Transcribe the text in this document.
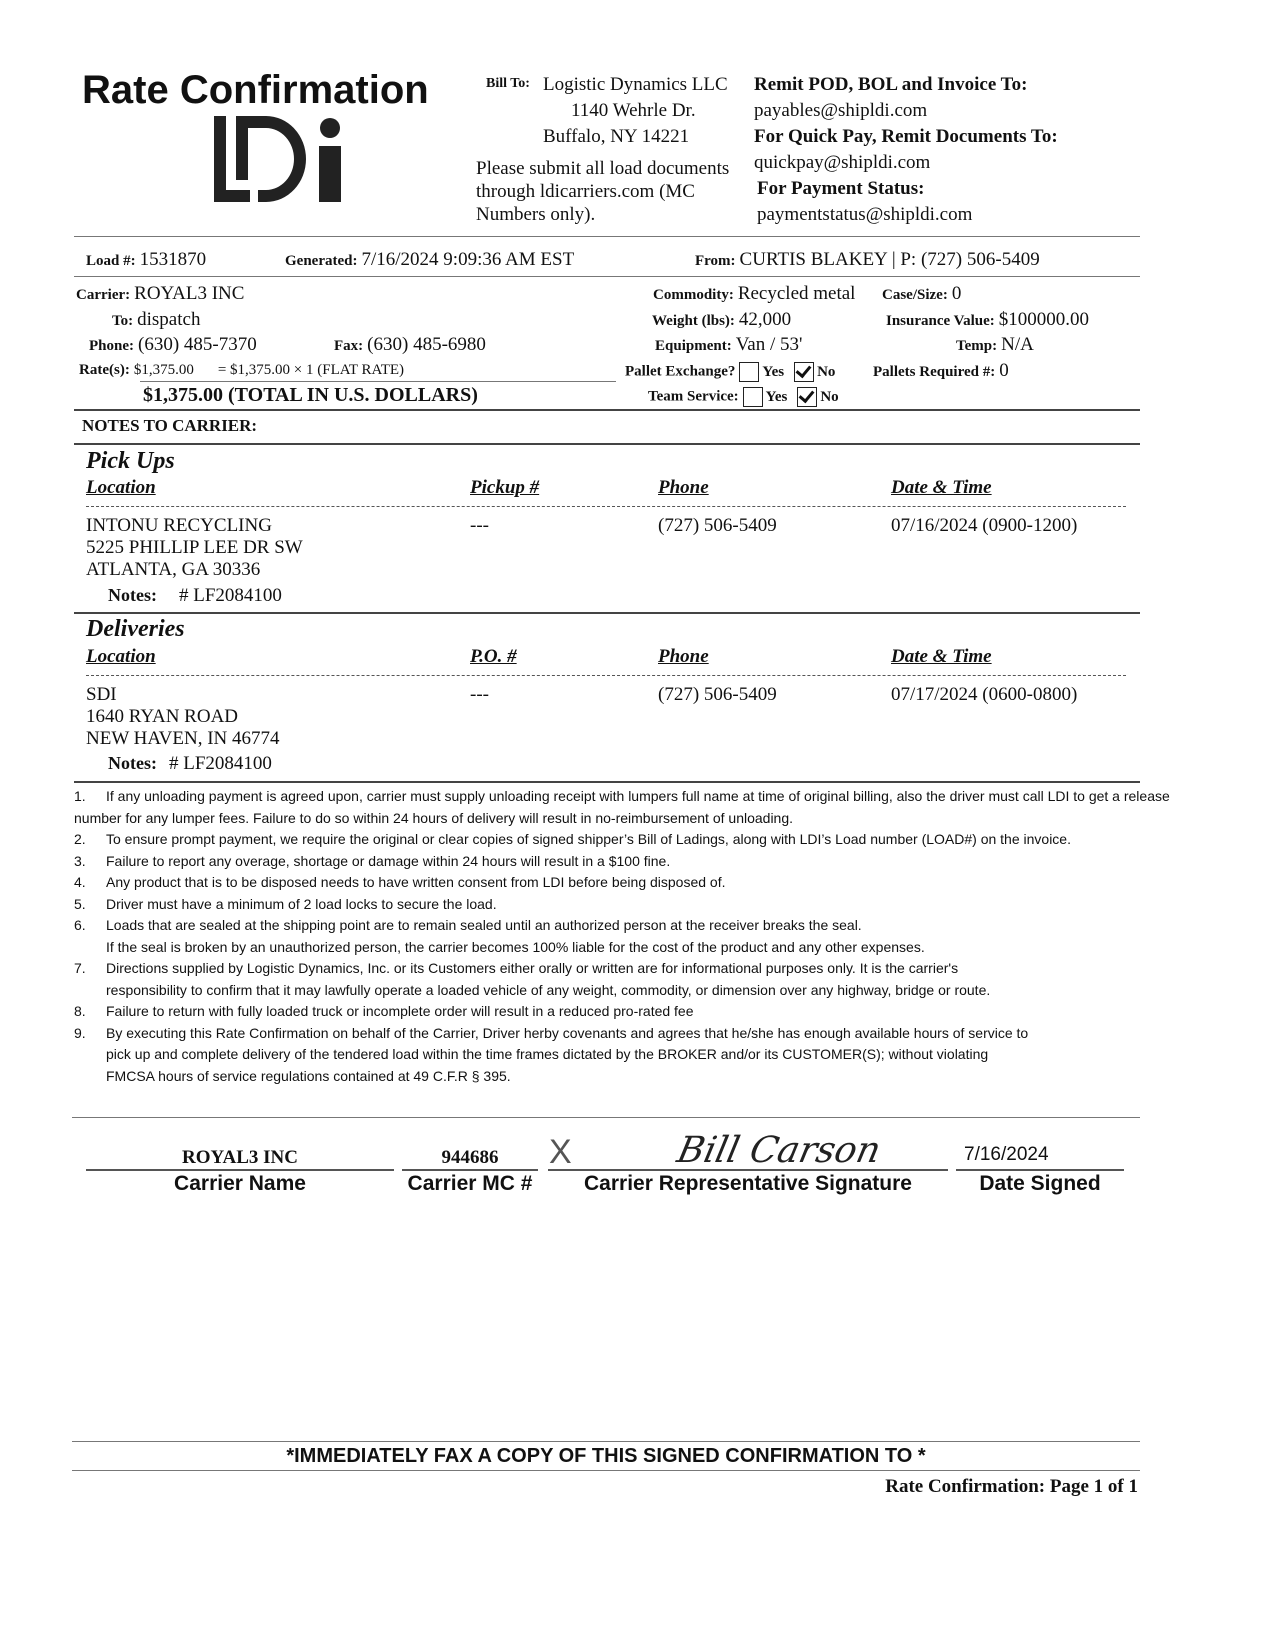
Rate Confirmation	Bill To: Logistic Dynamics LLC
1140 Wehrle Dr.
Buffalo, NY 14221
Please submit all load documents
through ldicarriers.com (MC
Numbers only).
Remit POD, BOL and Invoice To:
payables@shipldi.com
For Quick Pay, Remit Documents To:
quickpay@shipldi.com
For Payment Status:
paymentstatus@shipldi.com
Load #: 1531870	Generated: 7/16/2024 9:09:36 AM EST	From: CURTIS BLAKEY | P: (727) 506-5409
Carrier: ROYAL3 INC
To: dispatch
Phone: (630) 485-7370	Fax: (630) 485-6980
Rate(s): $1,375.00 = $1,375.00 × 1 (FLAT RATE)
$1,375.00 (TOTAL IN U.S. DOLLARS)
Commodity: Recycled metal Case/Size: 0
Weight (lbs): 42,000	Insurance Value: $100000.00
Equipment: Van / 53'	Temp: N/A
Pallet Exchange? Yes No	Pallets Required #: 0
Team Service: Yes No
NOTES TO CARRIER:
Pick Ups
Location	Pickup #	Phone	Date & Time
INTONU RECYCLING
5225 PHILLIP LEE DR SW
ATLANTA, GA 30336
---	(727) 506-5409	07/16/2024 (0900-1200)
Notes: # LF2084100
Deliveries
Location	P.O. #	Phone	Date & Time
SDI
1640 RYAN ROAD
NEW HAVEN, IN 46774
---	(727) 506-5409	07/17/2024 (0600-0800)
Notes: # LF2084100
1. If any unloading payment is agreed upon, carrier must supply unloading receipt with lumpers full name at time of original billing, also the driver must call LDI to get a release number for any lumper fees. Failure to do so within 24 hours of delivery will result in no-reimbursement of unloading.
2. To ensure prompt payment, we require the original or clear copies of signed shipper’s Bill of Ladings, along with LDI’s Load number (LOAD#) on the invoice.
3. Failure to report any overage, shortage or damage within 24 hours will result in a $100 fine.
4. Any product that is to be disposed needs to have written consent from LDI before being disposed of.
5. Driver must have a minimum of 2 load locks to secure the load.
6. Loads that are sealed at the shipping point are to remain sealed until an authorized person at the receiver breaks the seal.
If the seal is broken by an unauthorized person, the carrier becomes 100% liable for the cost of the product and any other expenses.
7. Directions supplied by Logistic Dynamics, Inc. or its Customers either orally or written are for informational purposes only. It is the carrier's
responsibility to confirm that it may lawfully operate a loaded vehicle of any weight, commodity, or dimension over any highway, bridge or route.
8. Failure to return with fully loaded truck or incomplete order will result in a reduced pro-rated fee
9. By executing this Rate Confirmation on behalf of the Carrier, Driver herby covenants and agrees that he/she has enough available hours of service to
pick up and complete delivery of the tendered load within the time frames dictated by the BROKER and/or its CUSTOMER(S); without violating
FMCSA hours of service regulations contained at 49 C.F.R § 395.
ROYAL3 INC
Carrier Name
944686
Carrier MC #
X	Bill Carson
Carrier Representative Signature
7/16/2024
Date Signed
*IMMEDIATELY FAX A COPY OF THIS SIGNED CONFIRMATION TO *
Rate Confirmation: Page 1 of 1
